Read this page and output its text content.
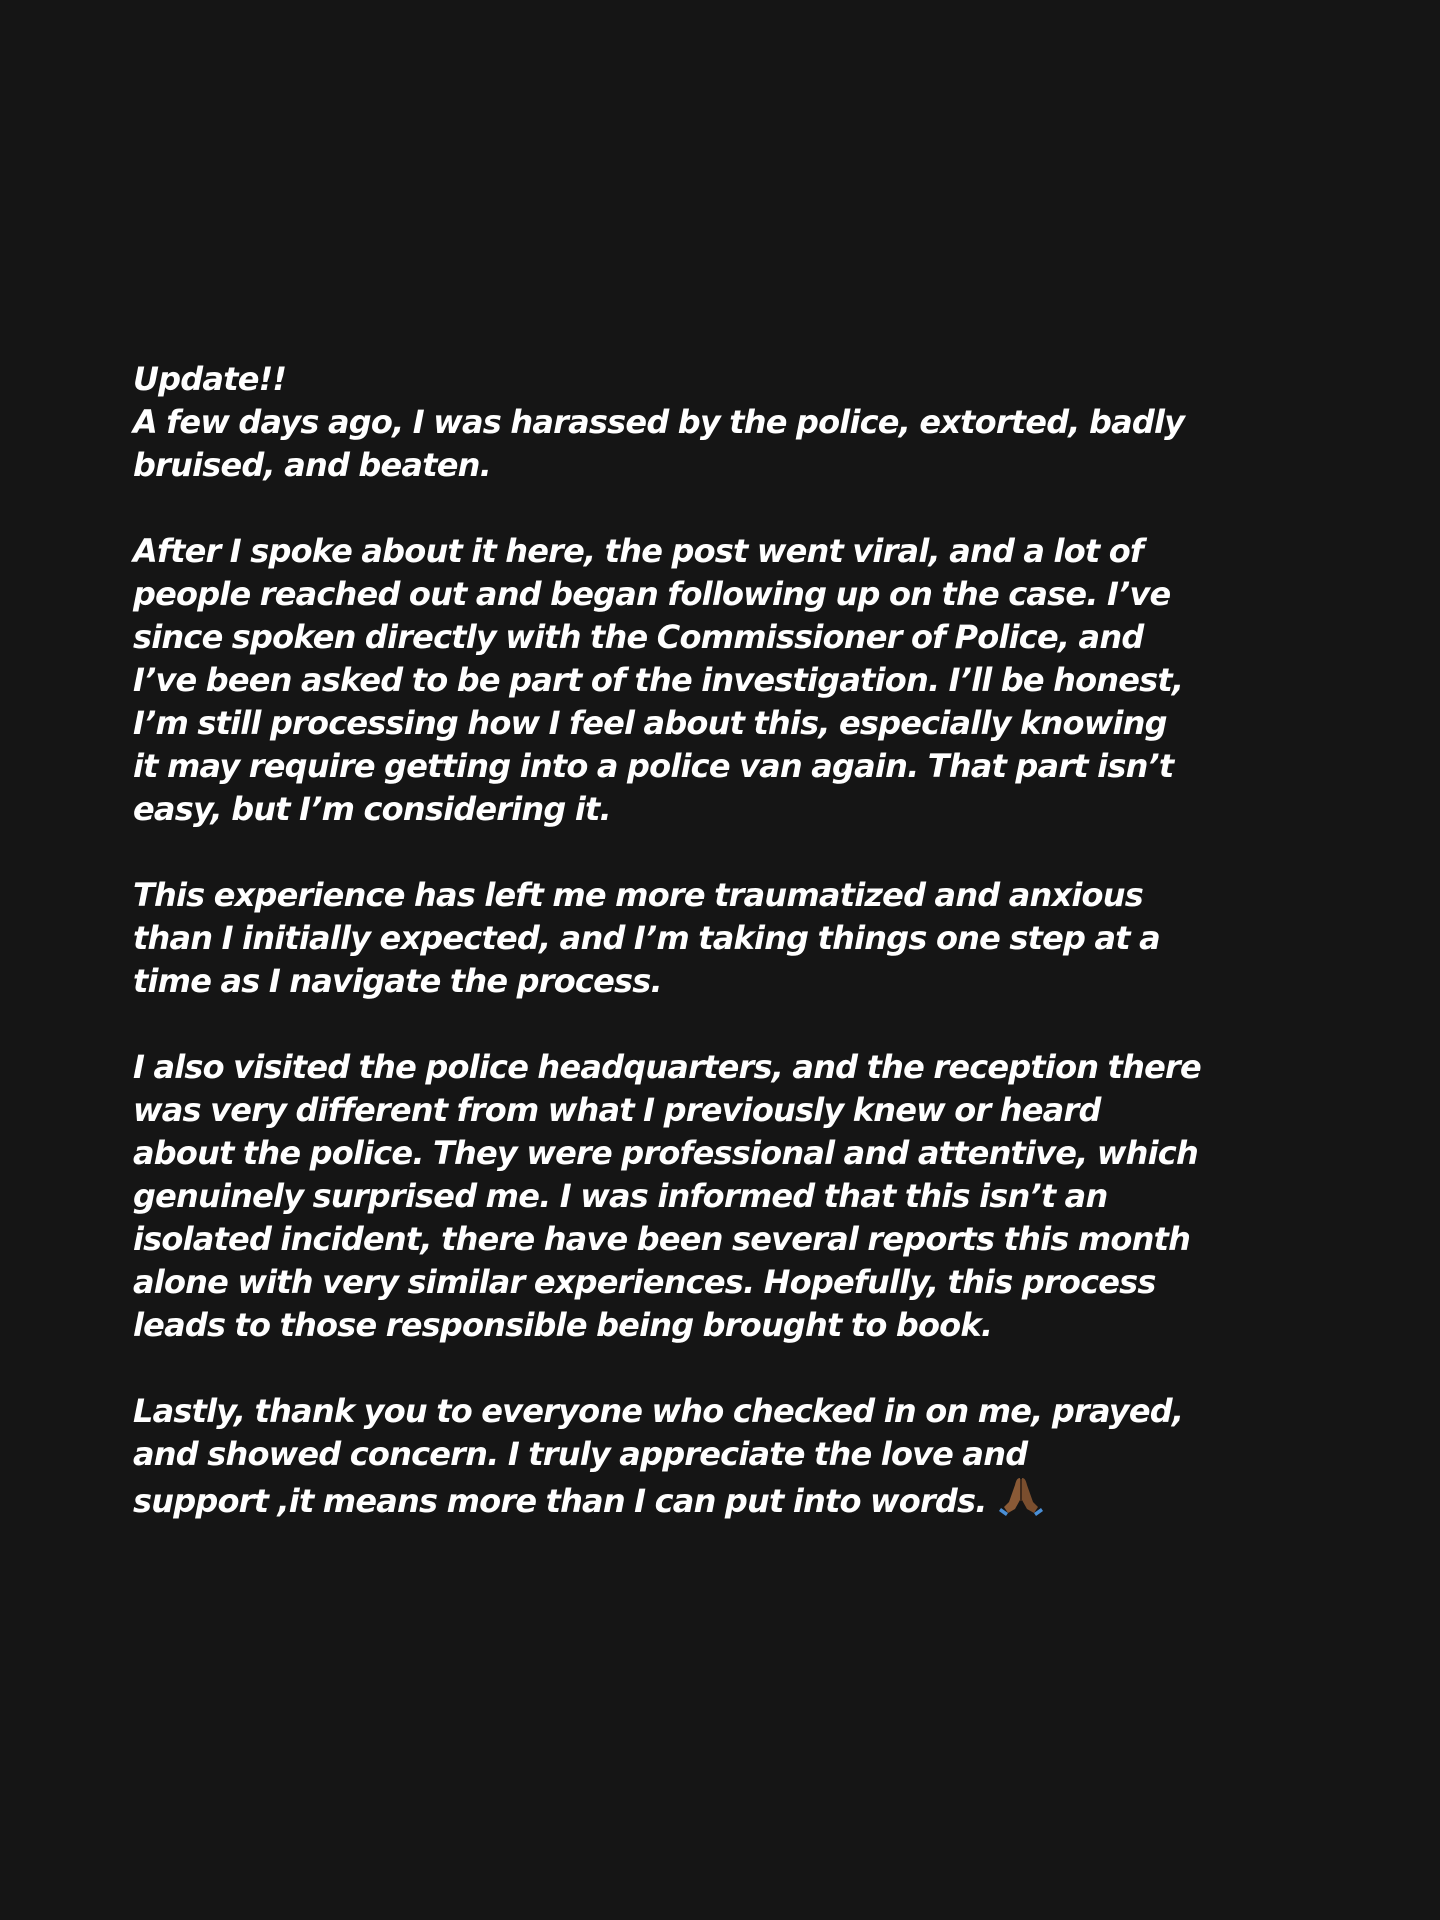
Update!!
A few days ago, I was harassed by the police, extorted, badly
bruised, and beaten.
After I spoke about it here, the post went viral, and a lot of
people reached out and began following up on the case. I’ve
since spoken directly with the Commissioner of Police, and
I’ve been asked to be part of the investigation. I’ll be honest,
I’m still processing how I feel about this, especially knowing
it may require getting into a police van again. That part isn’t
easy, but I’m considering it.
This experience has left me more traumatized and anxious
than I initially expected, and I’m taking things one step at a
time as I navigate the process.
I also visited the police headquarters, and the reception there
was very different from what I previously knew or heard
about the police. They were professional and attentive, which
genuinely surprised me. I was informed that this isn’t an
isolated incident, there have been several reports this month
alone with very similar experiences. Hopefully, this process
leads to those responsible being brought to book.
Lastly, thank you to everyone who checked in on me, prayed,
and showed concern. I truly appreciate the love and
support ,it means more than I can put into words.
